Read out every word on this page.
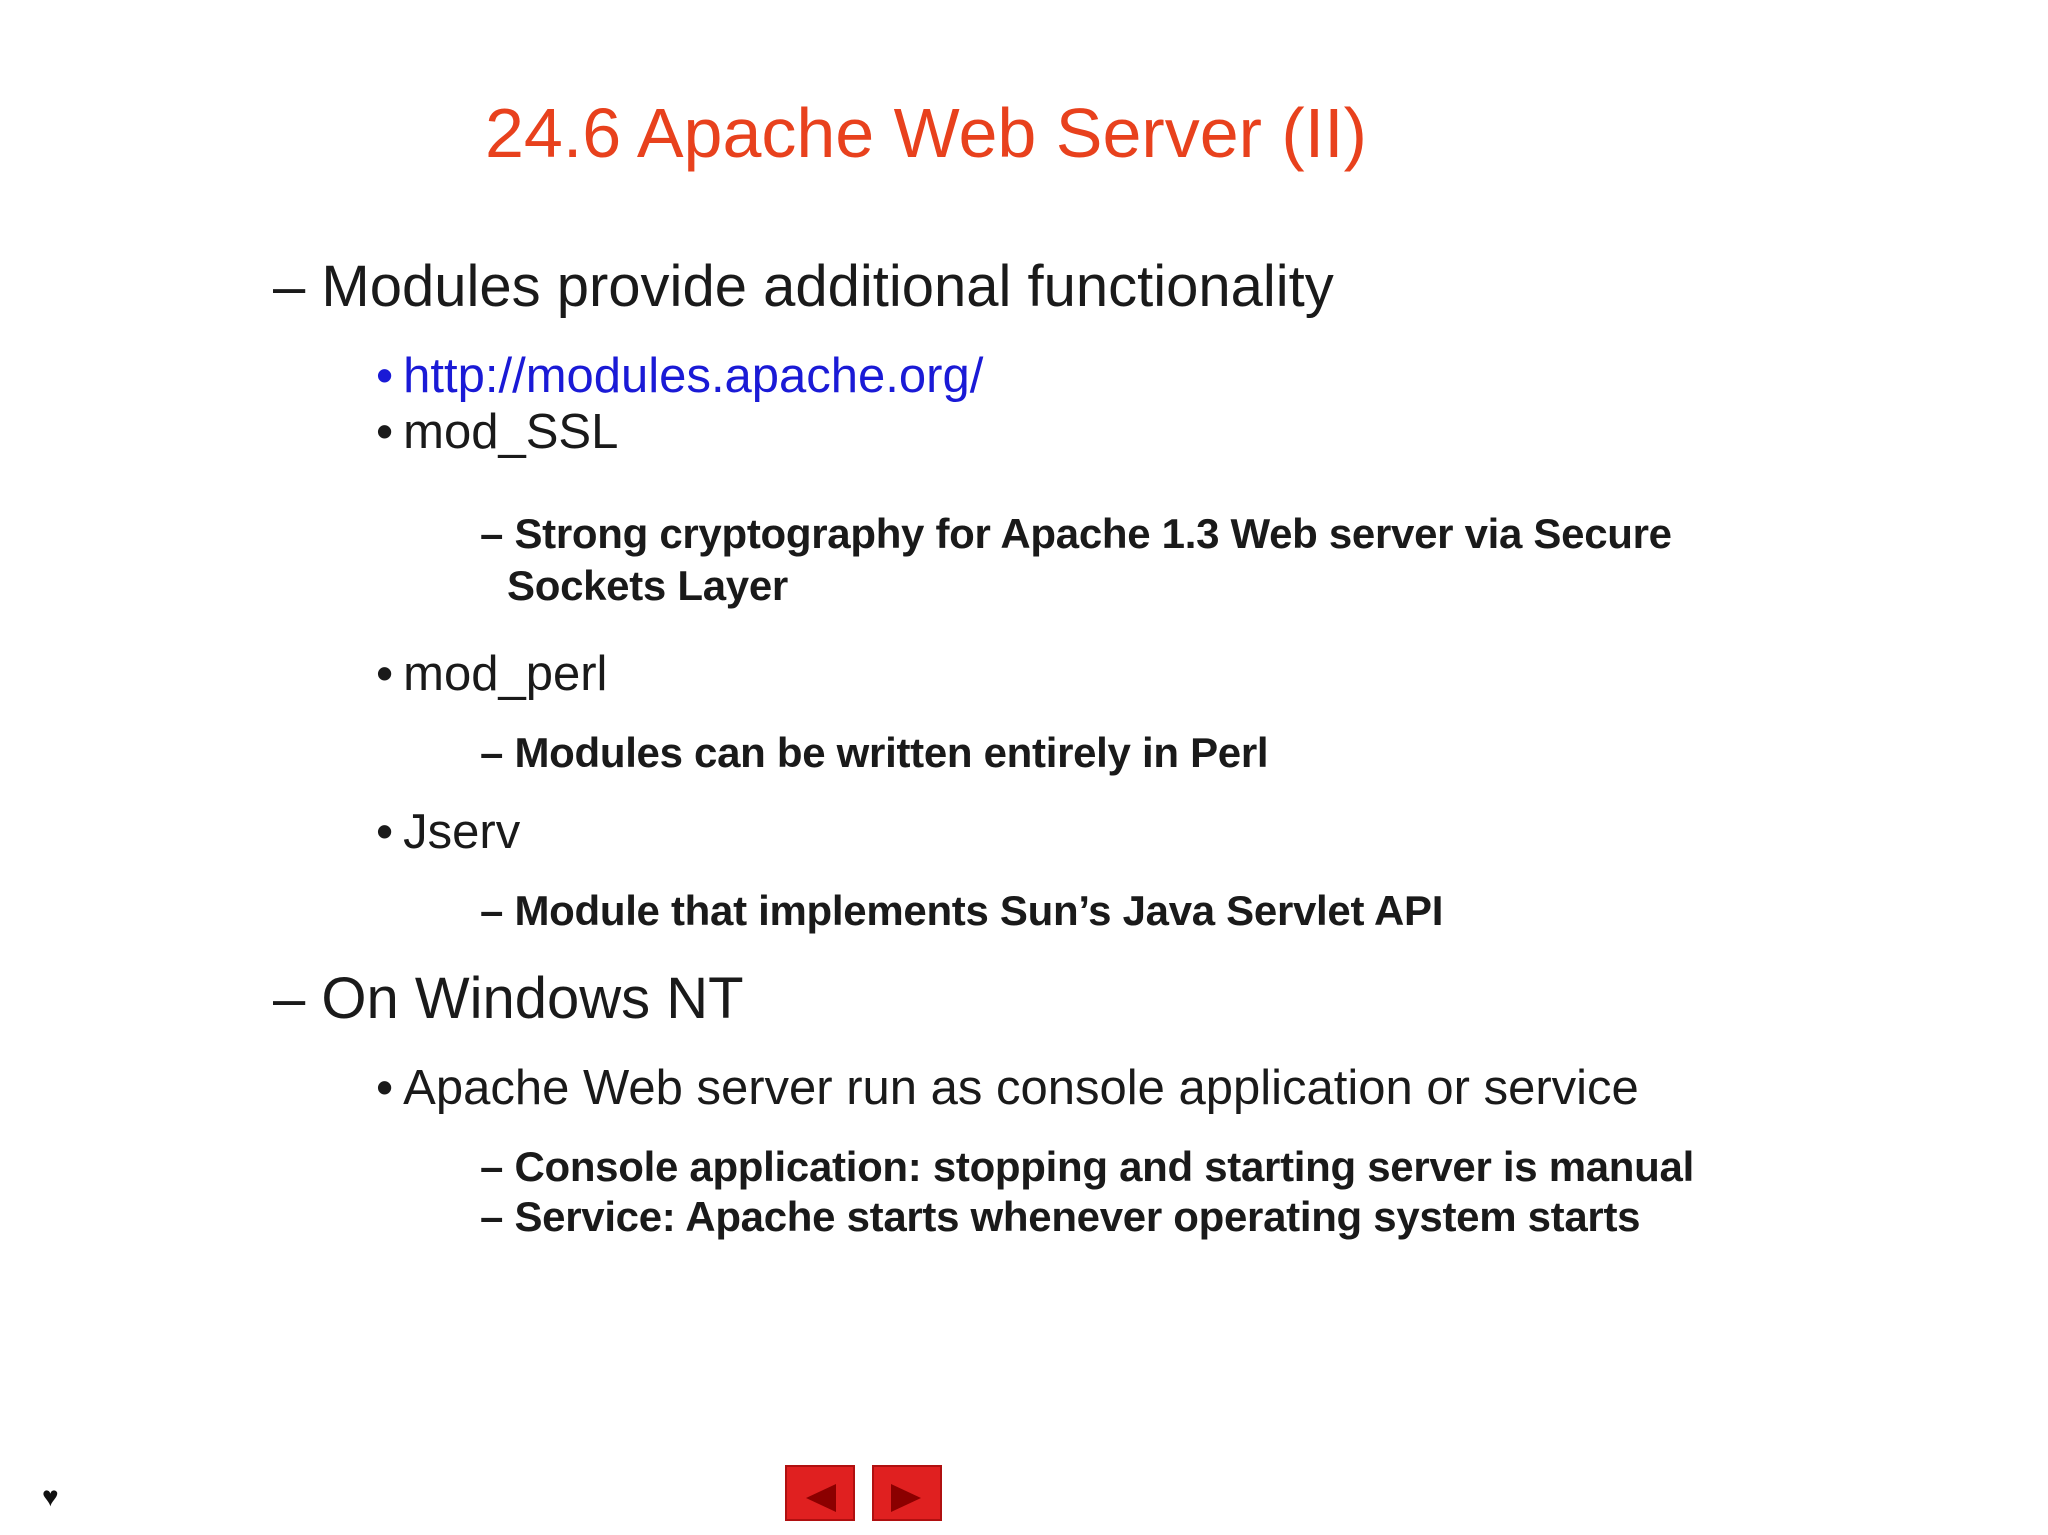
24.6 Apache Web Server (II)
– Modules provide additional functionality
• http://modules.apache.org/
• mod_SSL
– Strong cryptography for Apache 1.3 Web server via Secure
Sockets Layer
• mod_perl
– Modules can be written entirely in Perl
• Jserv
– Module that implements Sun’s Java Servlet API
– On Windows NT
• Apache Web server run as console application or service
– Console application: stopping and starting server is manual
– Service: Apache starts whenever operating system starts
♥
